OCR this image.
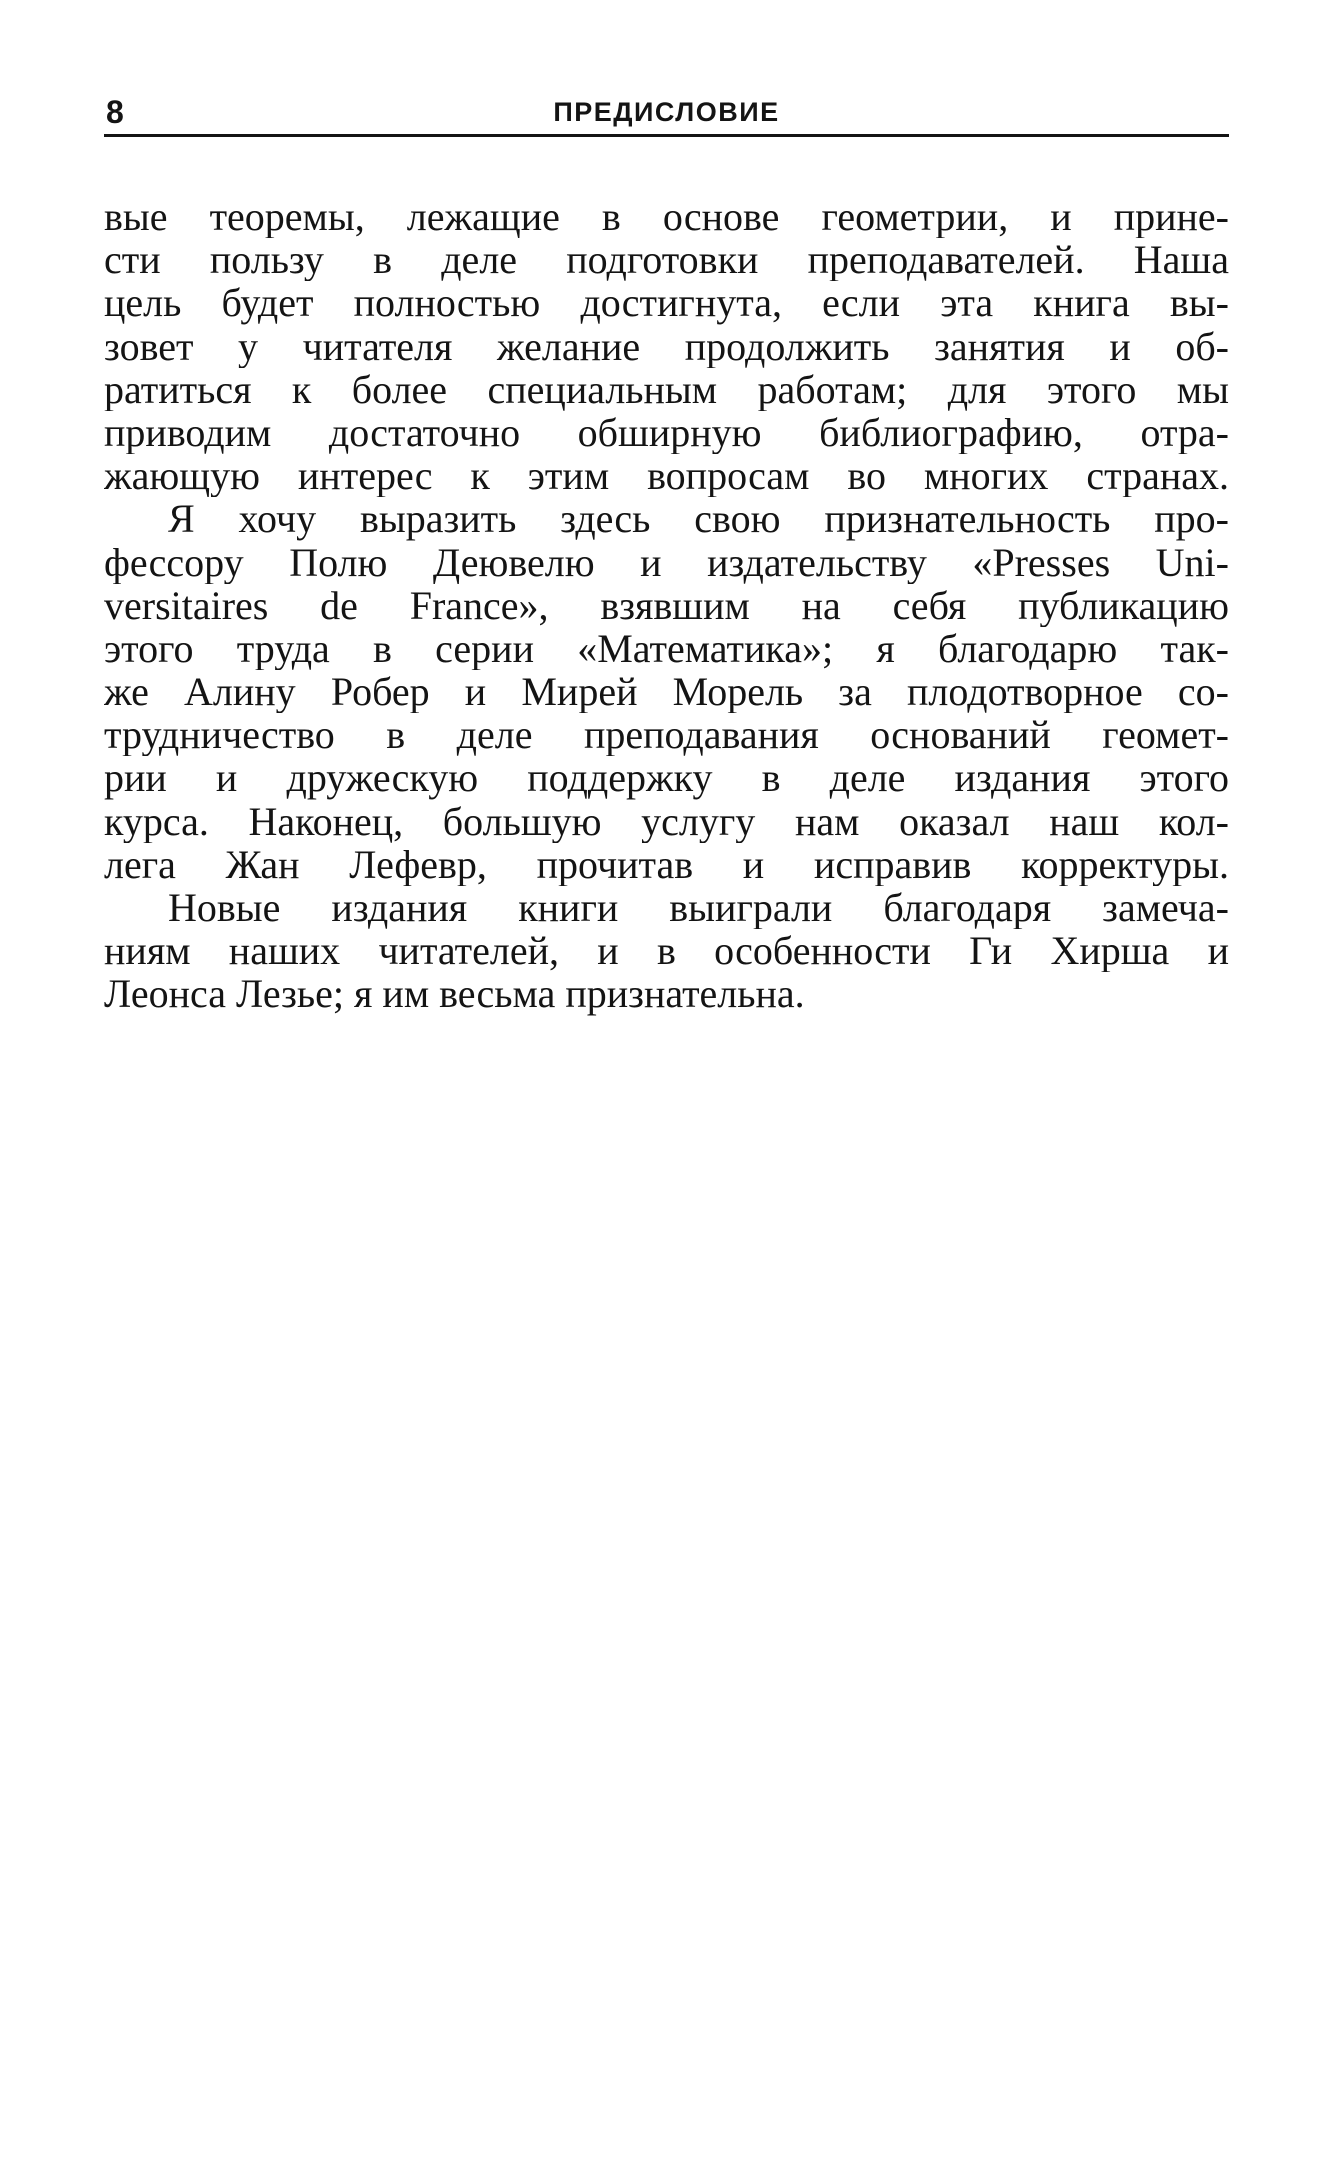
8	ПРЕДИСЛОВИЕ
вые теоремы, лежащие в основе геометрии, и прине-
сти пользу в деле подготовки преподавателей. Наша
цель будет полностью достигнута, если эта книга вы-
зовет у читателя желание продолжить занятия и об-
ратиться к более специальным работам; для этого мы
приводим достаточно обширную библиографию, отра-
жающую интерес к этим вопросам во многих странах.
Я хочу выразить здесь свою признательность про-
фессору Полю Деювелю и издательству «Presses Uni-
versitaires de France», взявшим на себя публикацию
этого труда в серии «Математика»; я благодарю так-
же Алину Робер и Мирей Морель за плодотворное со-
трудничество в деле преподавания оснований геомет-
рии и дружескую поддержку в деле издания этого
курса. Наконец, большую услугу нам оказал наш кол-
лега Жан Лефевр, прочитав и исправив корректуры.
Новые издания книги выиграли благодаря замеча-
ниям наших читателей, и в особенности Ги Хирша и
Леонса Лезье; я им весьма признательна.
